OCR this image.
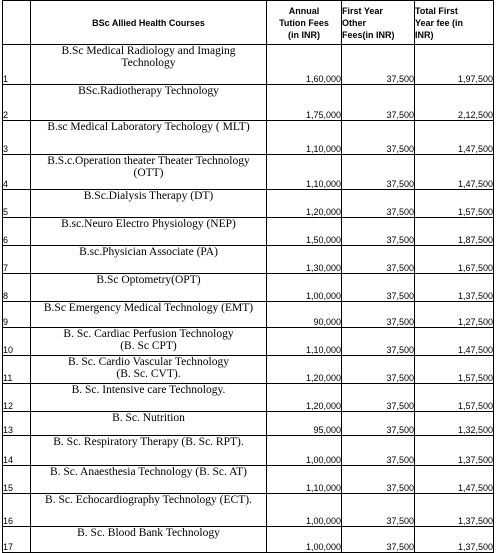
	BSc Allied Health Courses	Annual
Tution Fees
(in INR)	First Year
Other
Fees(in INR)	Total First
Year fee (in
INR)
1	B.Sc Medical Radiology and Imaging
Technology	1,60,000	37,500	1,97,500
2	BSc.Radiotherapy Technology	1,75,000	37,500	2,12,500
3	B.sc Medical Laboratory Techology ( MLT)	1,10,000	37,500	1,47,500
4	B.S.c.Operation theater Theater Technology
(OTT)	1,10,000	37,500	1,47,500
5	B.Sc.Dialysis Therapy (DT)	1,20,000	37,500	1,57,500
6	B.sc.Neuro Electro Physiology (NEP)	1,50,000	37,500	1,87,500
7	B.sc.Physician Associate (PA)	1,30,000	37,500	1,67,500
8	B.Sc Optometry(OPT)	1,00,000	37,500	1,37,500
9	B.Sc Emergency Medical Technology (EMT)	90,000	37,500	1,27,500
10	B. Sc. Cardiac Perfusion Technology
(B. Sc CPT)	1,10,000	37,500	1,47,500
11	B. Sc. Cardio Vascular Technology
(B. Sc. CVT).	1,20,000	37,500	1,57,500
12	B. Sc. Intensive care Technology.	1,20,000	37,500	1,57,500
13	B. Sc. Nutrition	95,000	37,500	1,32,500
14	B. Sc. Respiratory Therapy (B. Sc. RPT).	1,00,000	37,500	1,37,500
15	B. Sc. Anaesthesia Technology (B. Sc. AT)	1,10,000	37,500	1,47,500
16	B. Sc. Echocardiography Technology (ECT).	1,00,000	37,500	1,37,500
17	B. Sc. Blood Bank Technology	1,00,000	37,500	1,37,500
